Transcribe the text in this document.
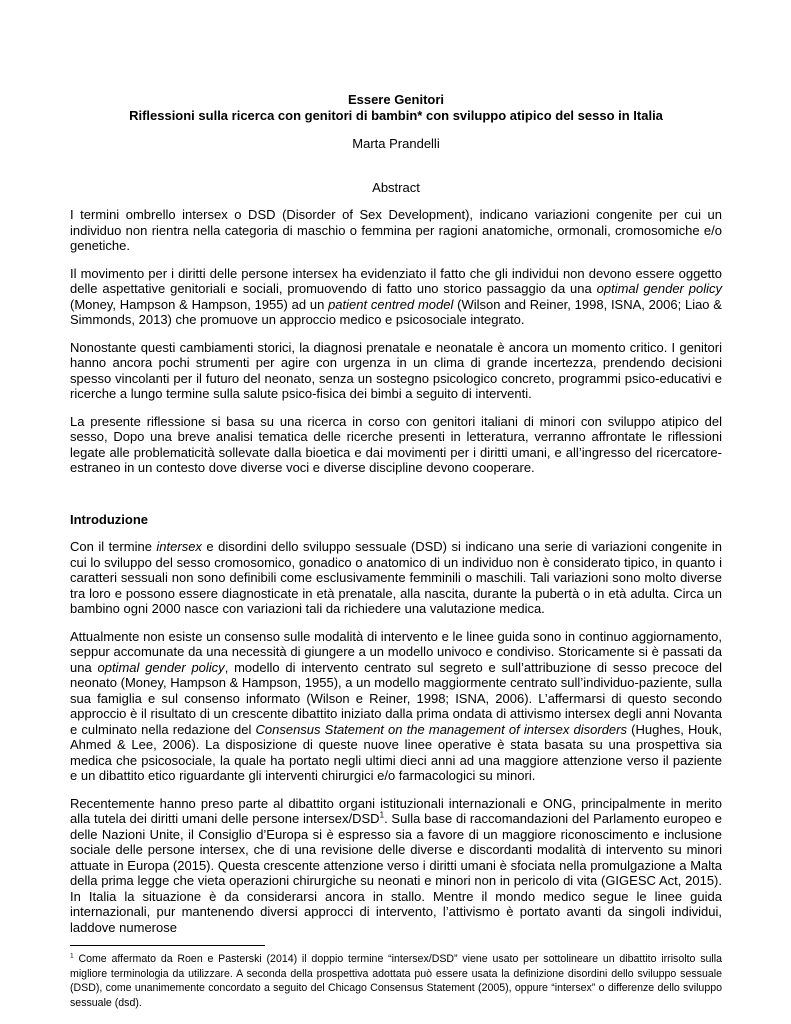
Essere Genitori
Riflessioni sulla ricerca con genitori di bambin* con sviluppo atipico del sesso in Italia

Marta Prandelli

Abstract

I termini ombrello intersex o DSD (Disorder of Sex Development), indicano variazioni congenite per cui un individuo non rientra nella categoria di maschio o femmina per ragioni anatomiche, ormonali, cromosomiche e/o genetiche.

Il movimento per i diritti delle persone intersex ha evidenziato il fatto che gli individui non devono essere oggetto delle aspettative genitoriali e sociali, promuovendo di fatto uno storico passaggio da una optimal gender policy (Money, Hampson & Hampson, 1955) ad un patient centred model (Wilson and Reiner, 1998, ISNA, 2006; Liao & Simmonds, 2013) che promuove un approccio medico e psicosociale integrato.

Nonostante questi cambiamenti storici, la diagnosi prenatale e neonatale è ancora un momento critico. I genitori hanno ancora pochi strumenti per agire con urgenza in un clima di grande incertezza, prendendo decisioni spesso vincolanti per il futuro del neonato, senza un sostegno psicologico concreto, programmi psico-educativi e ricerche a lungo termine sulla salute psico-fisica dei bimbi a seguito di interventi.

La presente riflessione si basa su una ricerca in corso con genitori italiani di minori con sviluppo atipico del sesso, Dopo una breve analisi tematica delle ricerche presenti in letteratura, verranno affrontate le riflessioni legate alle problematicità sollevate dalla bioetica e dai movimenti per i diritti umani, e all’ingresso del ricercatore-estraneo in un contesto dove diverse voci e diverse discipline devono cooperare.

Introduzione

Con il termine intersex e disordini dello sviluppo sessuale (DSD) si indicano una serie di variazioni congenite in cui lo sviluppo del sesso cromosomico, gonadico o anatomico di un individuo non è considerato tipico, in quanto i caratteri sessuali non sono definibili come esclusivamente femminili o maschili. Tali variazioni sono molto diverse tra loro e possono essere diagnosticate in età prenatale, alla nascita, durante la pubertà o in età adulta. Circa un bambino ogni 2000 nasce con variazioni tali da richiedere una valutazione medica.

Attualmente non esiste un consenso sulle modalità di intervento e le linee guida sono in continuo aggiornamento, seppur accomunate da una necessità di giungere a un modello univoco e condiviso. Storicamente si è passati da una optimal gender policy, modello di intervento centrato sul segreto e sull’attribuzione di sesso precoce del neonato (Money, Hampson & Hampson, 1955), a un modello maggiormente centrato sull’individuo-paziente, sulla sua famiglia e sul consenso informato (Wilson e Reiner, 1998; ISNA, 2006). L’affermarsi di questo secondo approccio è il risultato di un crescente dibattito iniziato dalla prima ondata di attivismo intersex degli anni Novanta e culminato nella redazione del Consensus Statement on the management of intersex disorders (Hughes, Houk, Ahmed & Lee, 2006). La disposizione di queste nuove linee operative è stata basata su una prospettiva sia medica che psicosociale, la quale ha portato negli ultimi dieci anni ad una maggiore attenzione verso il paziente e un dibattito etico riguardante gli interventi chirurgici e/o farmacologici su minori.

Recentemente hanno preso parte al dibattito organi istituzionali internazionali e ONG, principalmente in merito alla tutela dei diritti umani delle persone intersex/DSD$^1$. Sulla base di raccomandazioni del Parlamento europeo e delle Nazioni Unite, il Consiglio d’Europa si è espresso sia a favore di un maggiore riconoscimento e inclusione sociale delle persone intersex, che di una revisione delle diverse e discordanti modalità di intervento su minori attuate in Europa (2015). Questa crescente attenzione verso i diritti umani è sfociata nella promulgazione a Malta della prima legge che vieta operazioni chirurgiche su neonati e minori non in pericolo di vita (GIGESC Act, 2015). In Italia la situazione è da considerarsi ancora in stallo. Mentre il mondo medico segue le linee guida internazionali, pur mantenendo diversi approcci di intervento, l’attivismo è portato avanti da singoli individui, laddove numerose

$^1$ Come affermato da Roen e Pasterski (2014) il doppio termine “intersex/DSD” viene usato per sottolineare un dibattito irrisolto sulla migliore terminologia da utilizzare. A seconda della prospettiva adottata può essere usata la definizione disordini dello sviluppo sessuale (DSD), come unanimemente concordato a seguito del Chicago Consensus Statement (2005), oppure “intersex” o differenze dello sviluppo sessuale (dsd).
